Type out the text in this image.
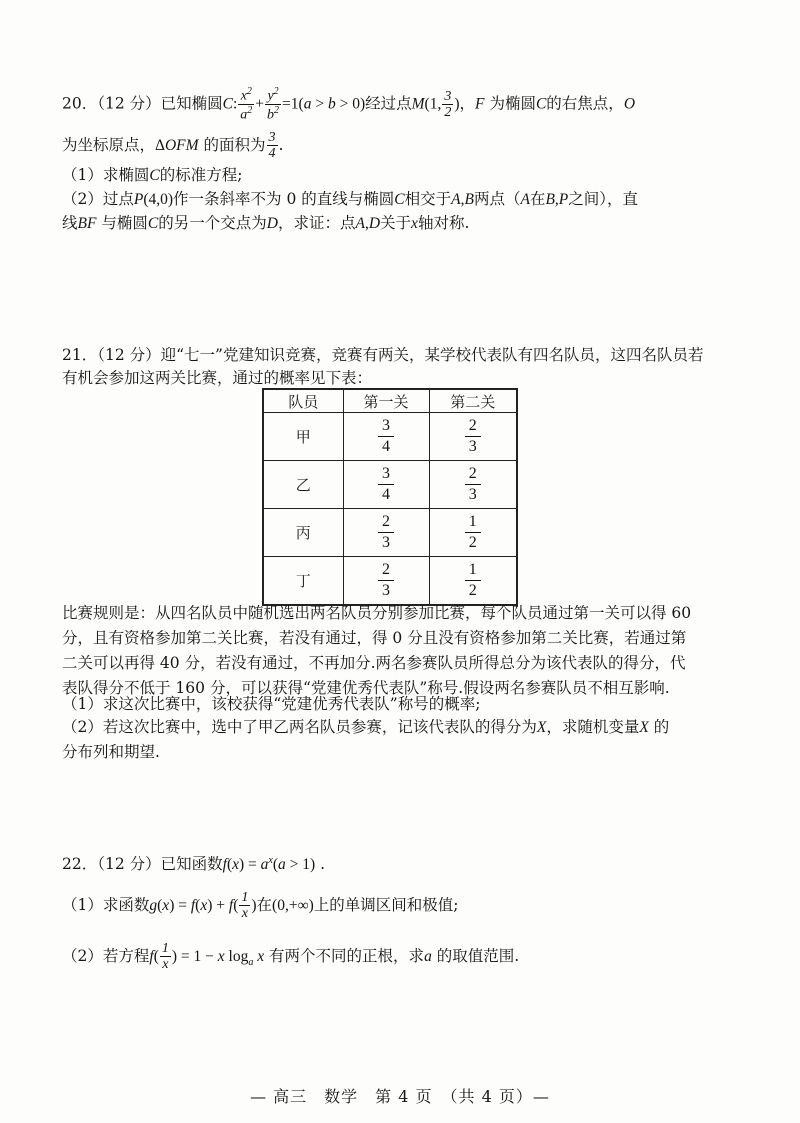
20．（12 分）已知椭圆C: $\frac{x^2}{a^2} + \frac{y^2}{b^2} =1(a > b > 0)$经过点M(1, $\frac{3}{2}$ )，F 为椭圆C的右焦点，O
为坐标原点，ΔOFM 的面积为 $\frac{3}{4}$ .
（1）求椭圆C的标准方程;
（2）过点P(4,0)作一条斜率不为 0 的直线与椭圆C相交于A,B两点（A在B,P之间），直
线BF 与椭圆C的另一个交点为D，求证：点A,D关于x轴对称.
21．（12 分）迎“七一”党建知识竞赛，竞赛有两关，某学校代表队有四名队员，这四名队员若
有机会参加这两关比赛，通过的概率见下表：
队员	第一关	第二关
甲	$\frac{3}{4}$	$\frac{2}{3}$

乙	$\frac{3}{4}$	$\frac{2}{3}$

丙	$\frac{2}{3}$	$\frac{1}{2}$

丁	$\frac{2}{3}$	$\frac{1}{2}$
比赛规则是：从四名队员中随机选出两名队员分别参加比赛，每个队员通过第一关可以得 60
分，且有资格参加第二关比赛，若没有通过，得 0 分且没有资格参加第二关比赛，若通过第
二关可以再得 40 分，若没有通过，不再加分.两名参赛队员所得总分为该代表队的得分，代
表队得分不低于 160 分，可以获得“党建优秀代表队”称号.假设两名参赛队员不相互影响.
（1）求这次比赛中，该校获得“党建优秀代表队”称号的概率;
（2）若这次比赛中，选中了甲乙两名队员参赛，记该代表队的得分为X，求随机变量X 的
分布列和期望.
22．（12 分）已知函数$f(x) = a^x(a > 1)$ .
（1）求函数$g(x) = f(x) + f( \frac{1}{x}$ )在(0,+∞)上的单调区间和极值;
（2）若方程$f( \frac{1}{x}$ ) = 1 − x $\log_a x$ 有两个不同的正根，求a 的取值范围.
— 高三　数学　第 4 页　（共 4 页）—
